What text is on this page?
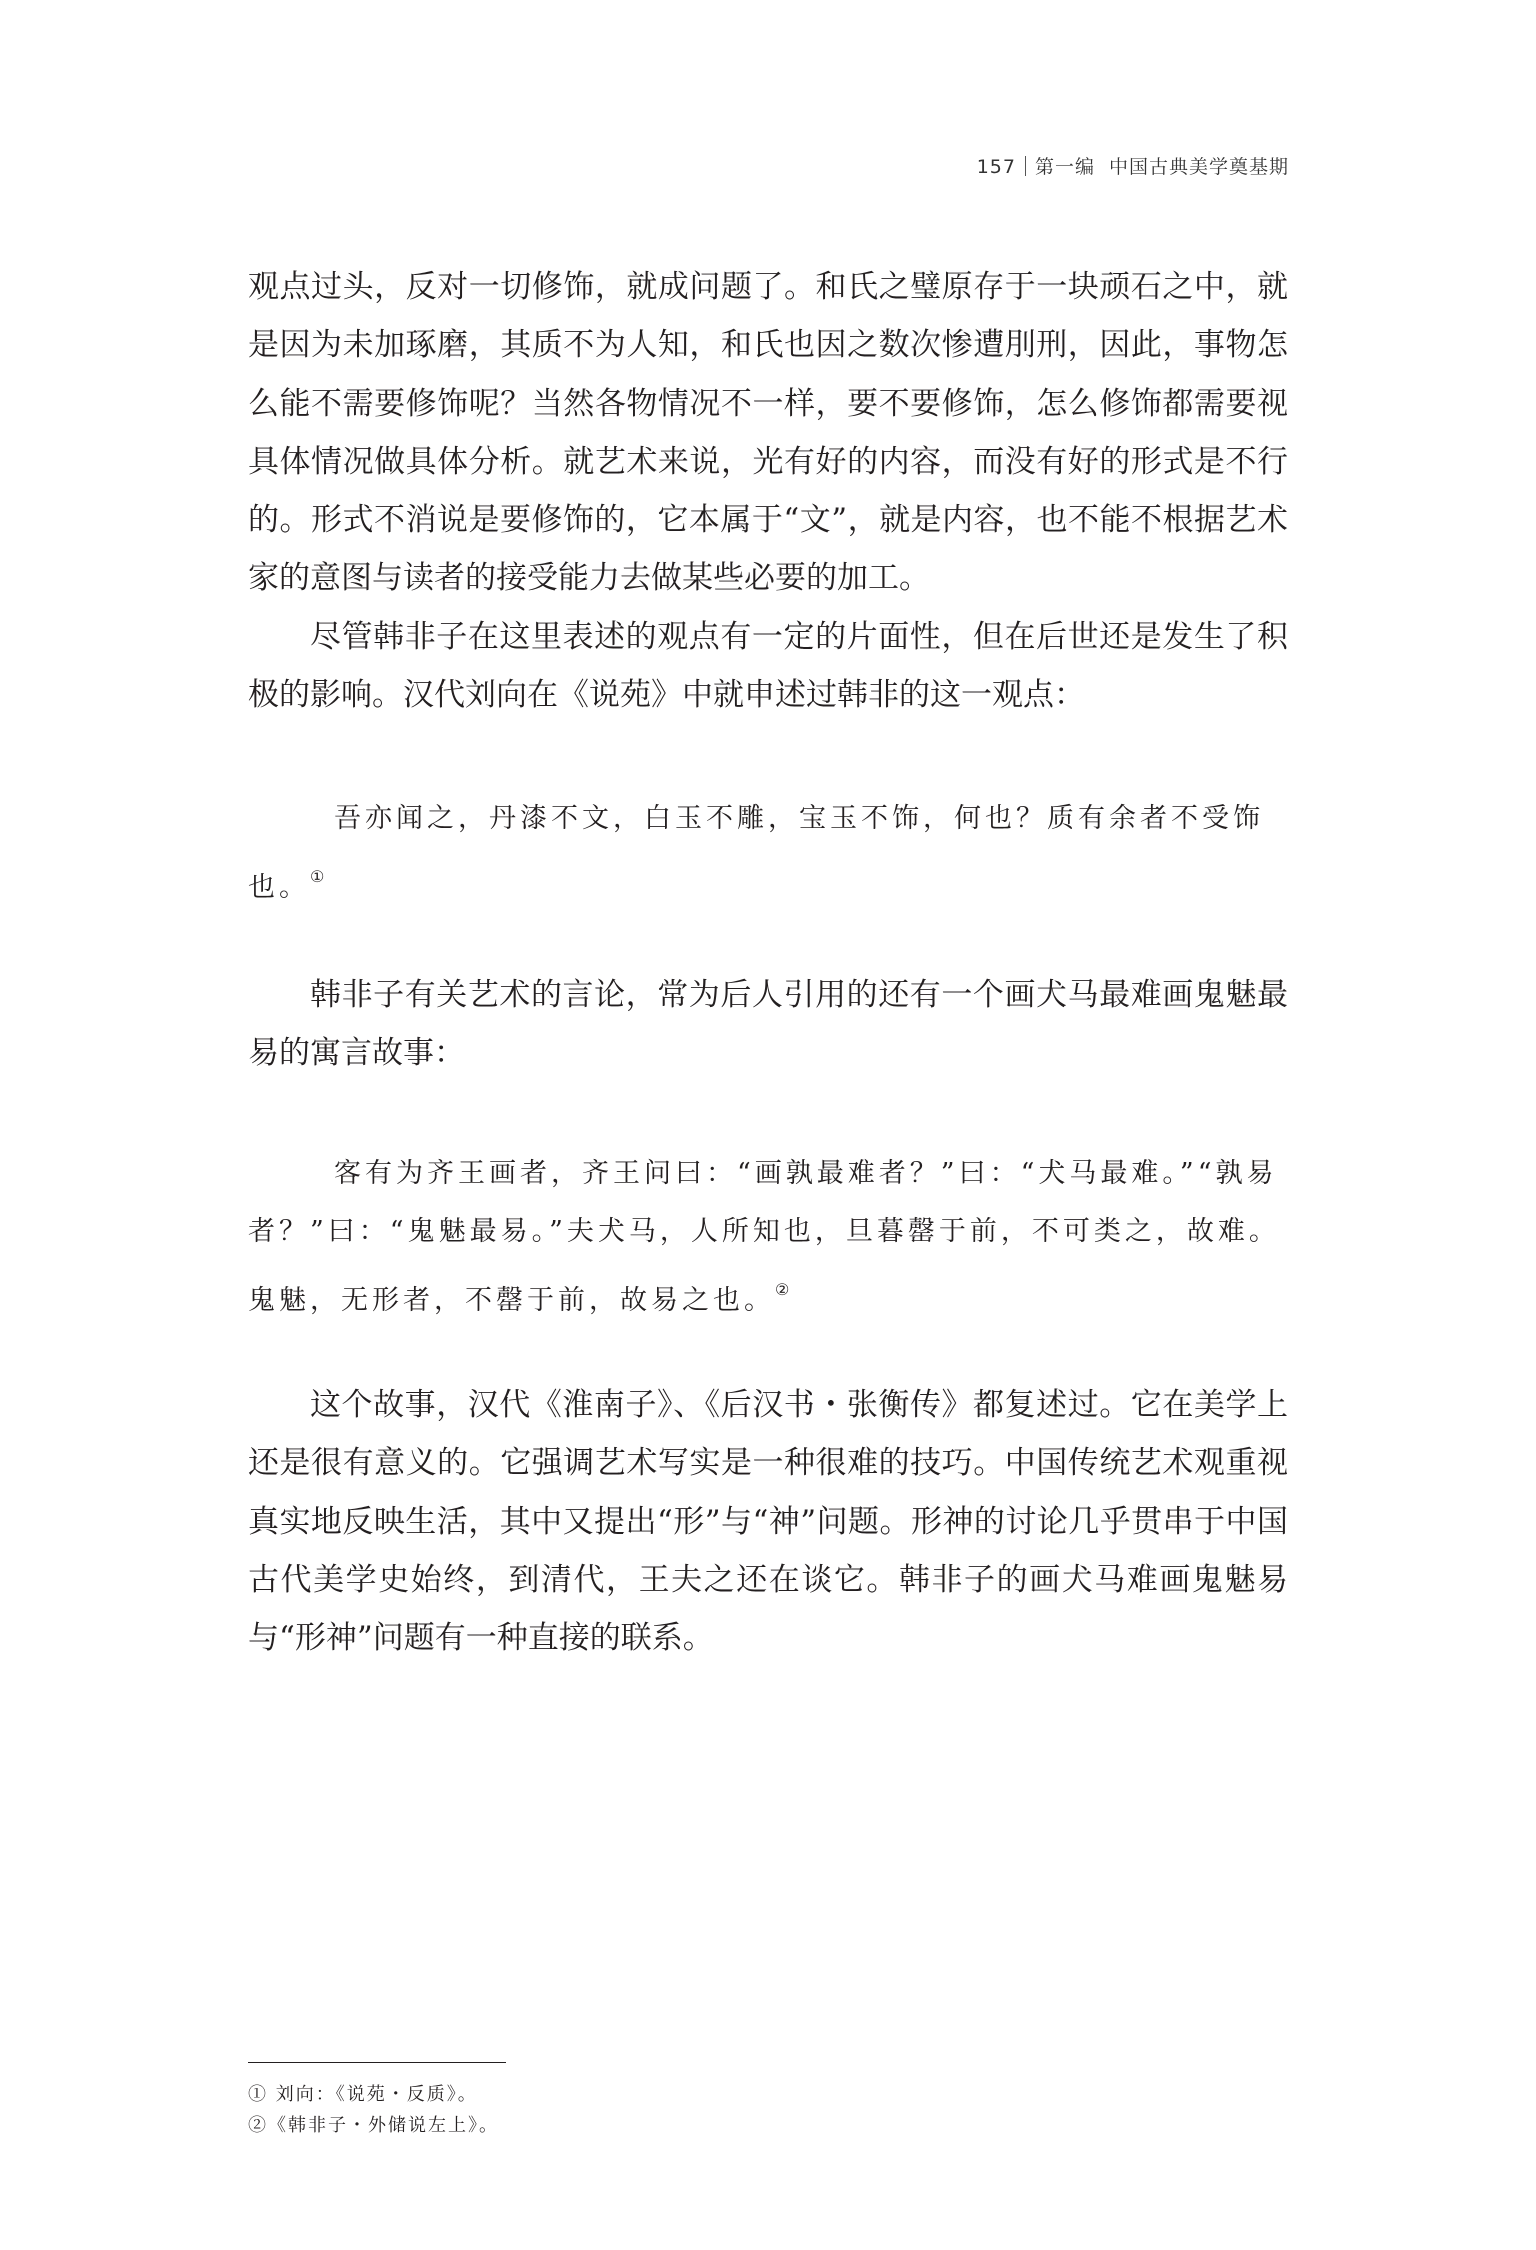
157 第一编 中国古典美学奠基期

观点过头，反对一切修饰，就成问题了。和氏之璧原存于一块顽石之中，就是因为未加琢磨，其质不为人知，和氏也因之数次惨遭刖刑，因此，事物怎么能不需要修饰呢？当然各物情况不一样，要不要修饰，怎么修饰都需要视具体情况做具体分析。就艺术来说，光有好的内容，而没有好的形式是不行的。形式不消说是要修饰的，它本属于“文”，就是内容，也不能不根据艺术家的意图与读者的接受能力去做某些必要的加工。

尽管韩非子在这里表述的观点有一定的片面性，但在后世还是发生了积极的影响。汉代刘向在《说苑》中就申述过韩非的这一观点：

吾亦闻之，丹漆不文，白玉不雕，宝玉不饰，何也？质有余者不受饰也。①

韩非子有关艺术的言论，常为后人引用的还有一个画犬马最难画鬼魅最易的寓言故事：

客有为齐王画者，齐王问曰：“画孰最难者？”曰：“犬马最难。”“孰易者？”曰：“鬼魅最易。”夫犬马，人所知也，旦暮罄于前，不可类之，故难。鬼魅，无形者，不罄于前，故易之也。②

这个故事，汉代《淮南子》、《后汉书・张衡传》都复述过。它在美学上还是很有意义的。它强调艺术写实是一种很难的技巧。中国传统艺术观重视真实地反映生活，其中又提出“形”与“神”问题。形神的讨论几乎贯串于中国古代美学史始终，到清代，王夫之还在谈它。韩非子的画犬马难画鬼魅易与“形神”问题有一种直接的联系。

① 刘向：《说苑・反质》。

②《韩非子・外储说左上》。
